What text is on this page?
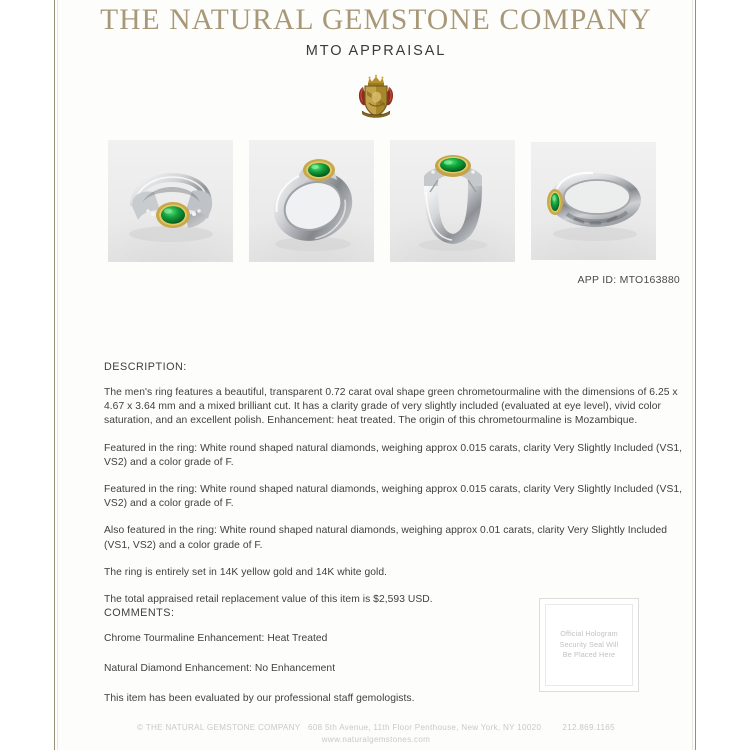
THE NATURAL GEMSTONE COMPANY
MTO APPRAISAL
APP ID: MTO163880

DESCRIPTION:

The men's ring features a beautiful, transparent 0.72 carat oval shape green chrometourmaline with the dimensions of 6.25 x 4.67 x 3.64 mm and a mixed brilliant cut. It has a clarity grade of very slightly included (evaluated at eye level), vivid color saturation, and an excellent polish. Enhancement: heat treated. The origin of this chrometourmaline is Mozambique.

Featured in the ring: White round shaped natural diamonds, weighing approx 0.015 carats, clarity Very Slightly Included (VS1, VS2) and a color grade of F.

Featured in the ring: White round shaped natural diamonds, weighing approx 0.015 carats, clarity Very Slightly Included (VS1, VS2) and a color grade of F.

Also featured in the ring: White round shaped natural diamonds, weighing approx 0.01 carats, clarity Very Slightly Included (VS1, VS2) and a color grade of F.

The ring is entirely set in 14K yellow gold and 14K white gold.

The total appraised retail replacement value of this item is $2,593 USD.

COMMENTS:

Chrome Tourmaline Enhancement: Heat Treated

Natural Diamond Enhancement: No Enhancement

This item has been evaluated by our professional staff gemologists.

Official Hologram
Security Seal Will
Be Placed Here
© THE NATURAL GEMSTONE COMPANY 608 5th Avenue, 11th Floor Penthouse, New York, NY 10020	212.869.1165
www.naturalgemstones.com
